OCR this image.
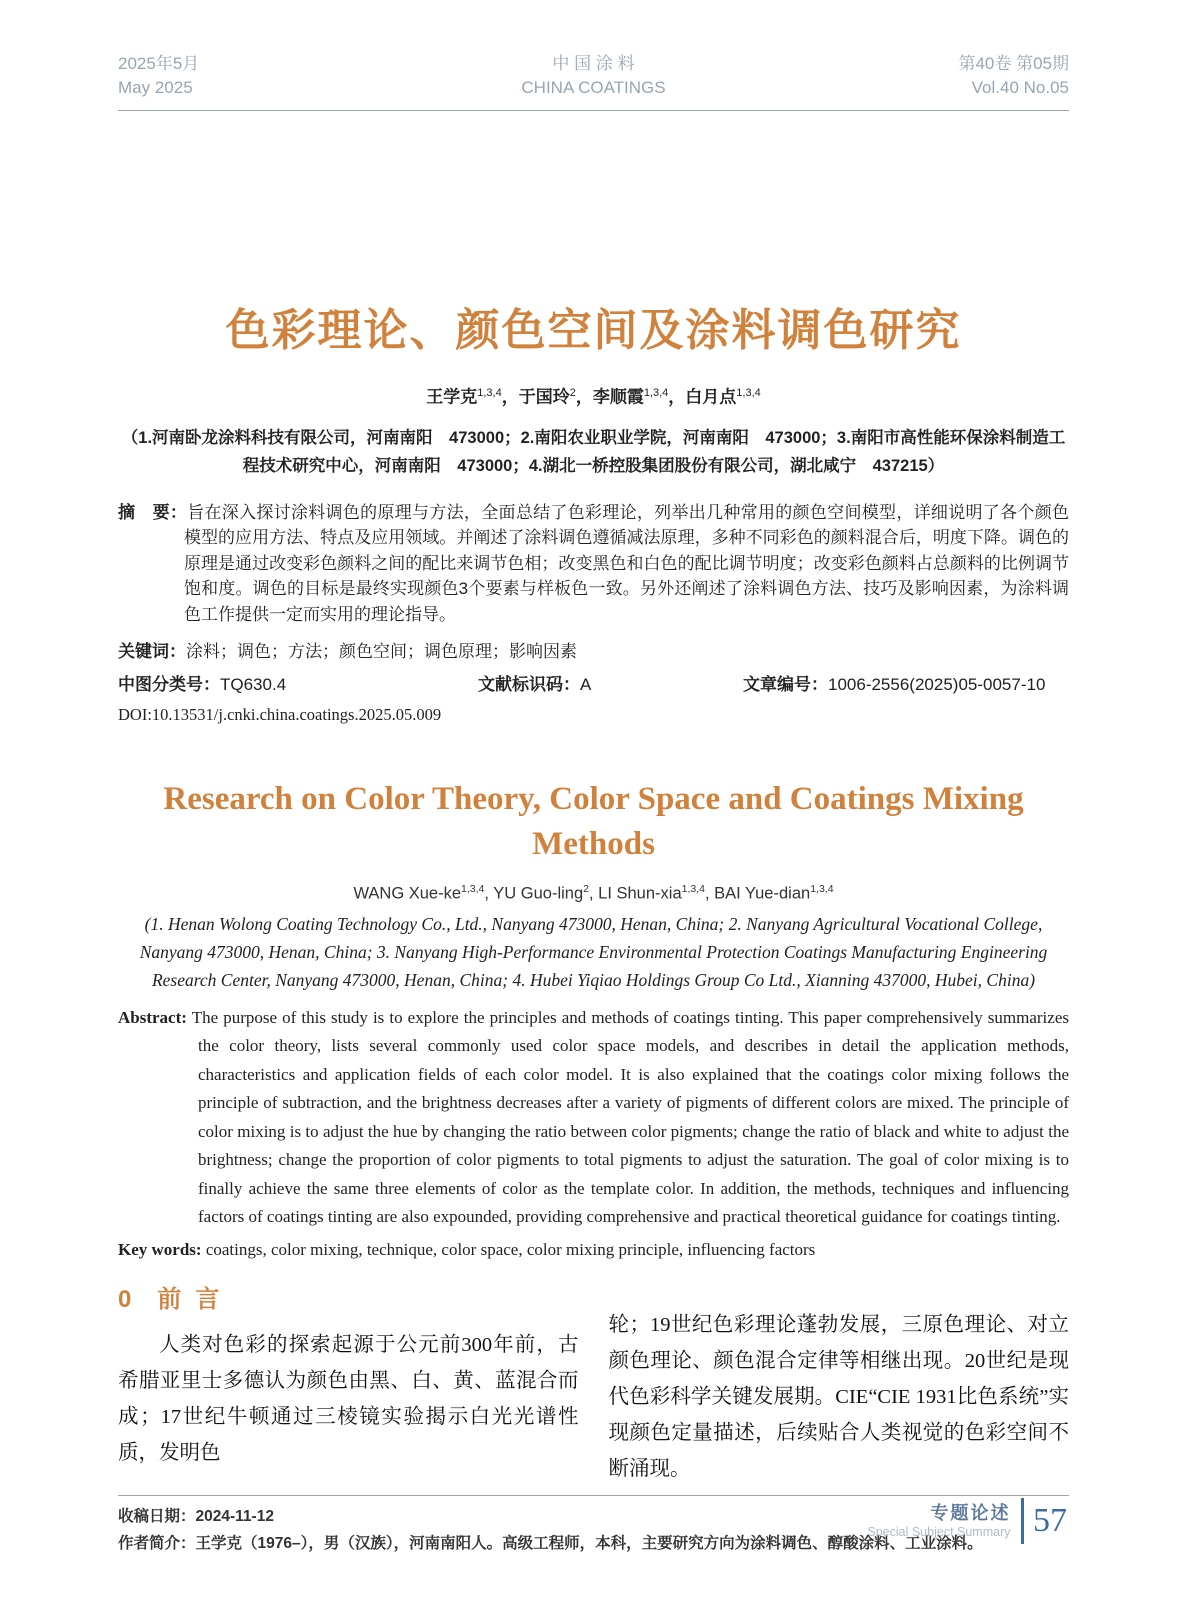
2025年5月
May 2025
中 国 涂 料
CHINA COATINGS
第40卷 第05期
Vol.40 No.05
色彩理论、颜色空间及涂料调色研究
王学克$^{1,3,4}$，于国玲$^2$，李顺霞$^{1,3,4}$，白月点$^{1,3,4}$
（1.河南卧龙涂料科技有限公司，河南南阳　473000；2.南阳农业职业学院，河南南阳　473000；3.南阳市高性能环保涂料制造工程技术研究中心，河南南阳　473000；4.湖北一桥控股集团股份有限公司，湖北咸宁　437215）

摘　要：旨在深入探讨涂料调色的原理与方法，全面总结了色彩理论，列举出几种常用的颜色空间模型，详细说明了各个颜色模型的应用方法、特点及应用领域。并阐述了涂料调色遵循减法原理，多种不同彩色的颜料混合后，明度下降。调色的原理是通过改变彩色颜料之间的配比来调节色相；改变黑色和白色的配比调节明度；改变彩色颜料占总颜料的比例调节饱和度。调色的目标是最终实现颜色3个要素与样板色一致。另外还阐述了涂料调色方法、技巧及影响因素，为涂料调色工作提供一定而实用的理论指导。

关键词：涂料；调色；方法；颜色空间；调色原理；影响因素

中图分类号：TQ630.4	文献标识码：A	文章编号：1006-2556(2025)05-0057-10
DOI:10.13531/j.cnki.china.coatings.2025.05.009
Research on Color Theory, Color Space and Coatings Mixing Methods
WANG Xue-ke$^{1,3,4}$, YU Guo-ling$^2$, LI Shun-xia$^{1,3,4}$, BAI Yue-dian$^{1,3,4}$
(1. Henan Wolong Coating Technology Co., Ltd., Nanyang 473000, Henan, China; 2. Nanyang Agricultural Vocational College, Nanyang 473000, Henan, China; 3. Nanyang High-Performance Environmental Protection Coatings Manufacturing Engineering Research Center, Nanyang 473000, Henan, China; 4. Hubei Yiqiao Holdings Group Co Ltd., Xianning 437000, Hubei, China)

Abstract: The purpose of this study is to explore the principles and methods of coatings tinting. This paper comprehensively summarizes the color theory, lists several commonly used color space models, and describes in detail the application methods, characteristics and application fields of each color model. It is also explained that the coatings color mixing follows the principle of subtraction, and the brightness decreases after a variety of pigments of different colors are mixed. The principle of color mixing is to adjust the hue by changing the ratio between color pigments; change the ratio of black and white to adjust the brightness; change the proportion of color pigments to total pigments to adjust the saturation. The goal of color mixing is to finally achieve the same three elements of color as the template color. In addition, the methods, techniques and influencing factors of coatings tinting are also expounded, providing comprehensive and practical theoretical guidance for coatings tinting.

Key words: coatings, color mixing, technique, color space, color mixing principle, influencing factors

0 前言

人类对色彩的探索起源于公元前300年前，古希腊亚里士多德认为颜色由黑、白、黄、蓝混合而成；17世纪牛顿通过三棱镜实验揭示白光光谱性质，发明色

轮；19世纪色彩理论蓬勃发展，三原色理论、对立颜色理论、颜色混合定律等相继出现。20世纪是现代色彩科学关键发展期。CIE“CIE 1931比色系统”实现颜色定量描述，后续贴合人类视觉的色彩空间不断涌现。

收稿日期：2024-11-12
作者简介：王学克（1976–），男（汉族），河南南阳人。高级工程师，本科，主要研究方向为涂料调色、醇酸涂料、工业涂料。
专题论述
Special Subject Summary 57
